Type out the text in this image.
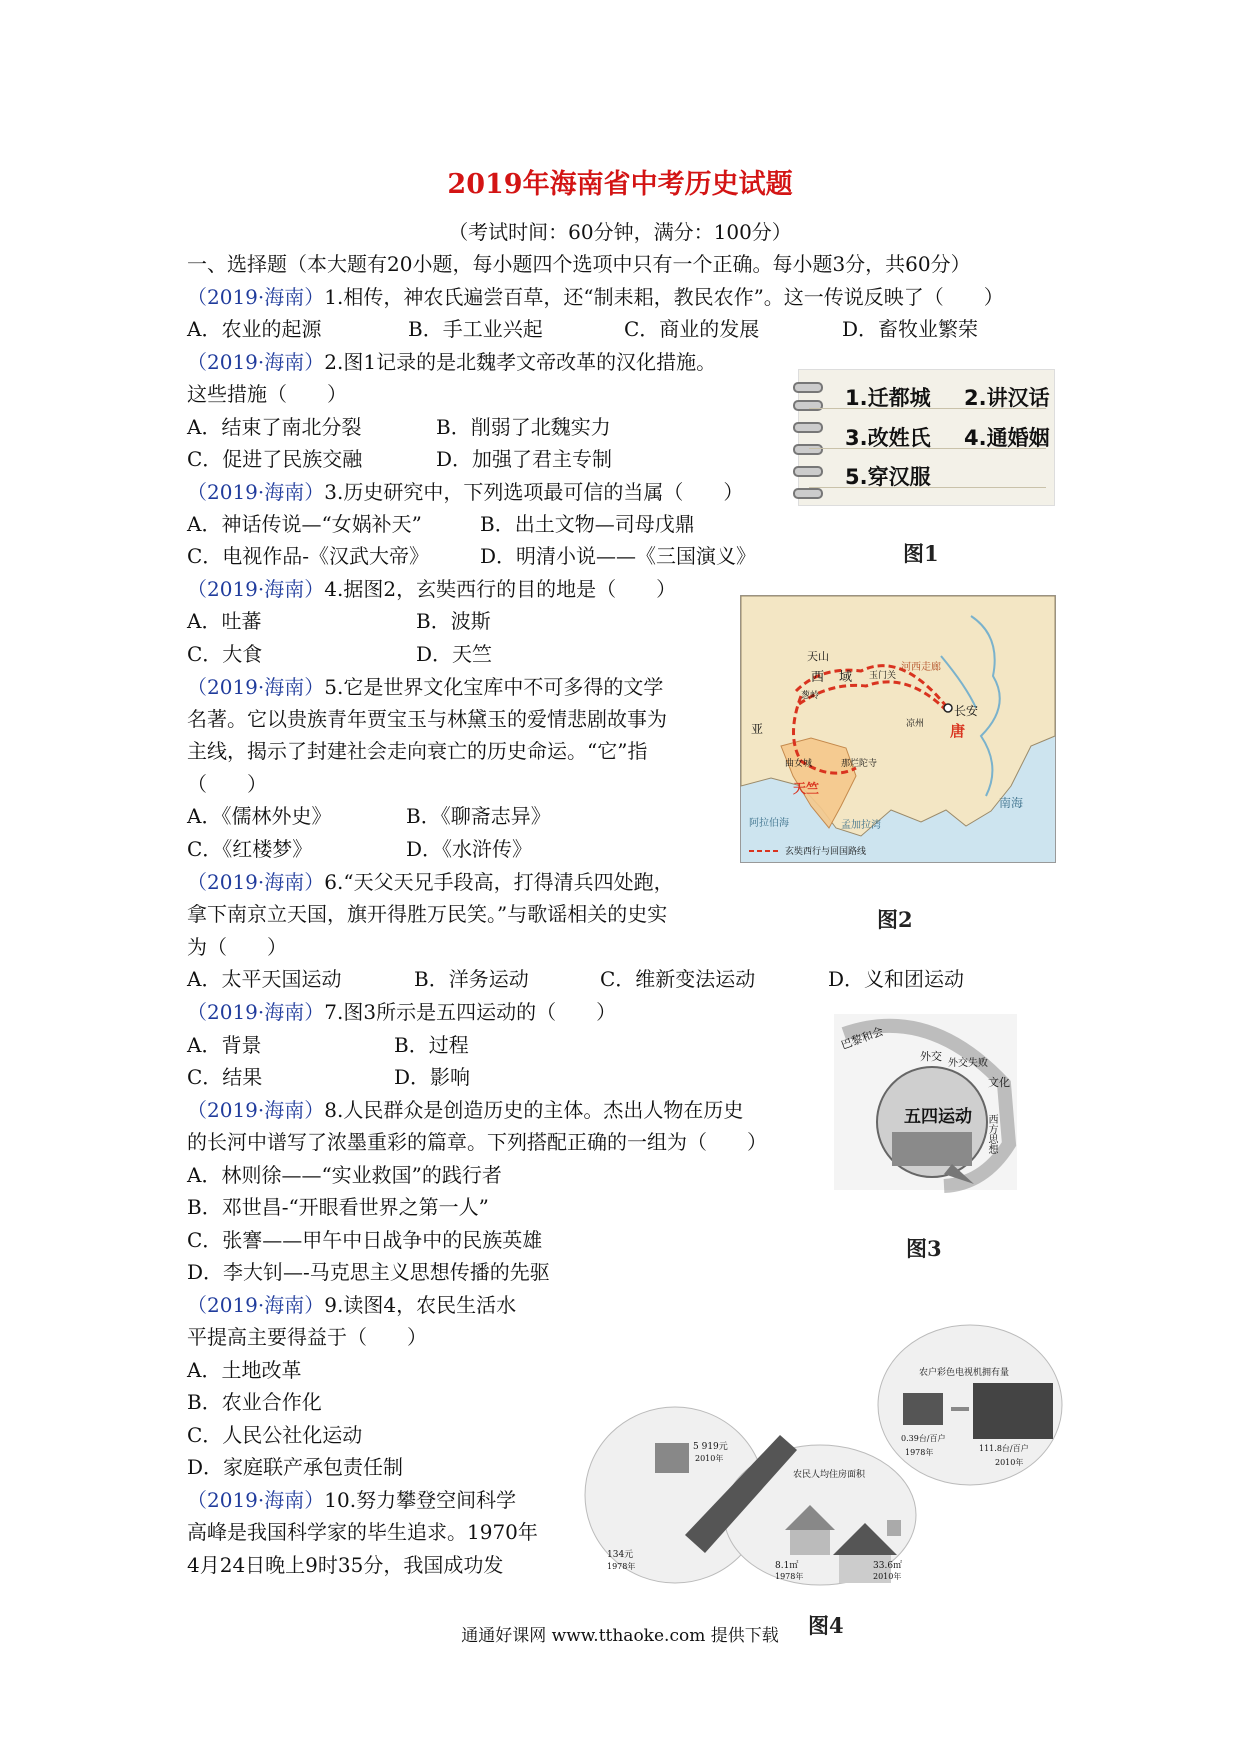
2019年海南省中考历史试题
（考试时间：60分钟，满分：100分）
一、选择题（本大题有20小题，每小题四个选项中只有一个正确。每小题3分，共60分）
（2019·海南）1.相传，神农氏遍尝百草，还“制耒耜，教民农作”。这一传说反映了（　　）
A．农业的起源	B．手工业兴起	C．商业的发展	D．畜牧业繁荣
（2019·海南）2.图1记录的是北魏孝文帝改革的汉化措施。
这些措施（　　）
A．结束了南北分裂	B．削弱了北魏实力
C．促进了民族交融	D．加强了君主专制
（2019·海南）3.历史研究中，下列选项最可信的当属（　　）
A．神话传说—“女娲补天”	B．出土文物—司母戊鼎
C．电视作品-《汉武大帝》	D．明清小说——《三国演义》
（2019·海南）4.据图2，玄奘西行的目的地是（　　）
A．吐蕃	B．波斯
C．大食	D．天竺
（2019·海南）5.它是世界文化宝库中不可多得的文学
名著。它以贵族青年贾宝玉与林黛玉的爱情悲剧故事为
主线，揭示了封建社会走向衰亡的历史命运。“它”指
（　　）
A．《儒林外史》	B．《聊斋志异》
C．《红楼梦》	D．《水浒传》
（2019·海南）6.“天父天兄手段高，打得清兵四处跑，
拿下南京立天国，旗开得胜万民笑。”与歌谣相关的史实
为（　　）
A．太平天国运动	B．洋务运动	C．维新变法运动	D．义和团运动
（2019·海南）7.图3所示是五四运动的（　　）
A．背景	B．过程
C．结果	D．影响
（2019·海南）8.人民群众是创造历史的主体。杰出人物在历史
的长河中谱写了浓墨重彩的篇章。下列搭配正确的一组为（　　）
A．林则徐——“实业救国”的践行者
B．邓世昌-“开眼看世界之第一人”
C．张謇——甲午中日战争中的民族英雄
D．李大钊—-马克思主义思想传播的先驱
（2019·海南）9.读图4，农民生活水
平提高主要得益于（　　）
A．土地改革
B．农业合作化
C．人民公社化运动
D．家庭联产承包责任制
（2019·海南）10.努力攀登空间科学
高峰是我国科学家的毕生追求。1970年
4月24日晚上9时35分，我国成功发
1.迁都城 2.讲汉话
3.改姓氏 4.通婚姻
5.穿汉服
图1
天山
西 域 玉门关
河西走廊
长安
唐
凉州
葱岭
曲女城	那烂陀寺
天竺
阿拉伯海	孟加拉湾
南海
亚
玄奘西行与回国路线
图2
巴黎和会
外交
外交失败
文化
五四运动 西方思想
图3
5 919元
2010年
134元
1978年
农民人均住房面积
8.1㎡
1978年
33.6㎡
2010年
农户彩色电视机拥有量
0.39台/百户
1978年	111.8台/百户
2010年
图4
通通好课网 www.tthaoke.com 提供下载
